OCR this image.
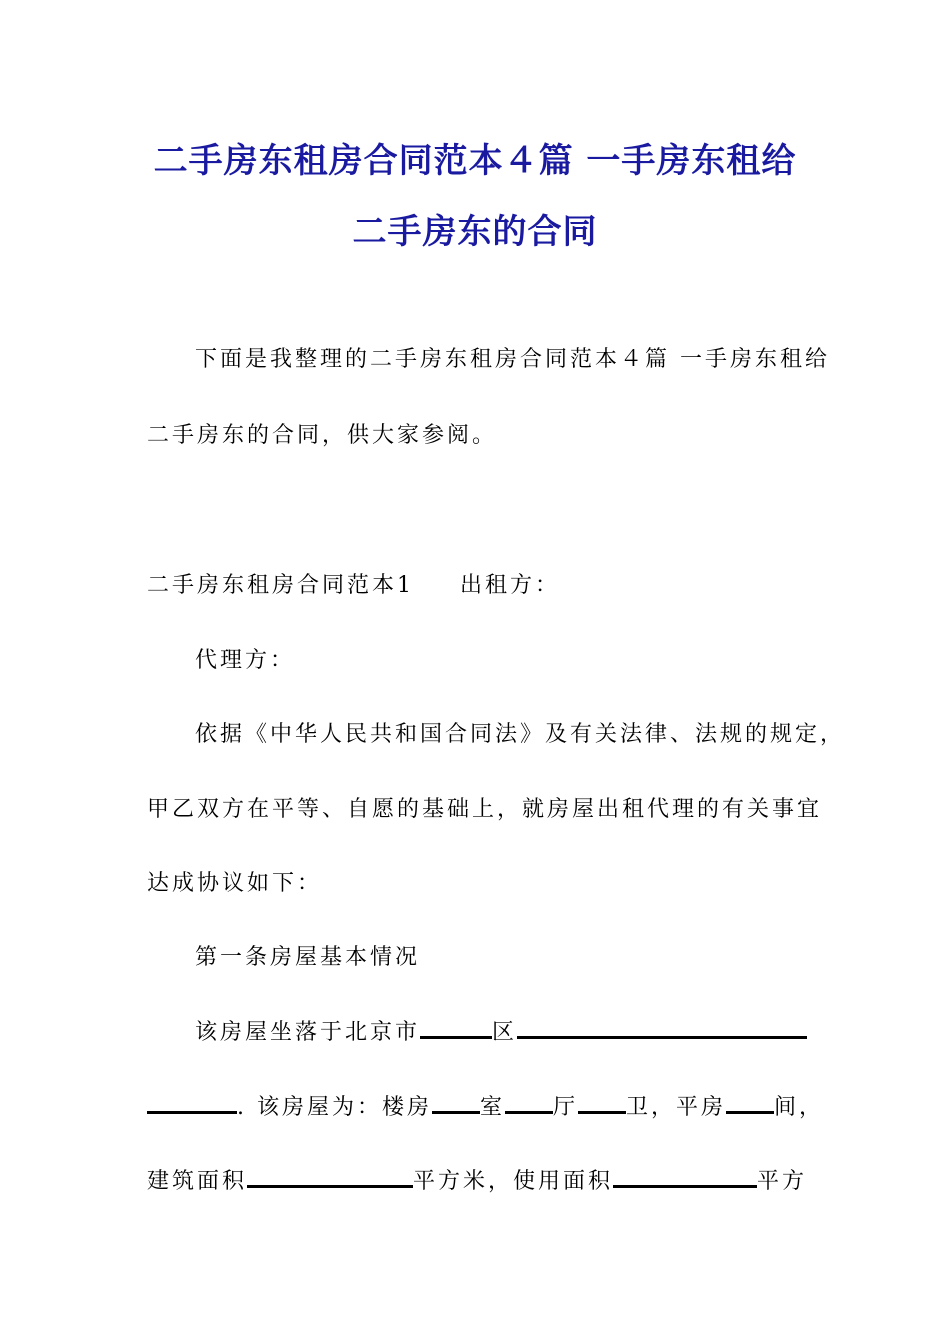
二手房东租房合同范本４篇 一手房东租给
二手房东的合同
下面是我整理的二手房东租房合同范本４篇 一手房东租给
二手房东的合同，供大家参阅。
二手房东租房合同范本1 出租方：
代理方：
依据《中华人民共和国合同法》及有关法律、法规的规定，
甲乙双方在平等、自愿的基础上，就房屋出租代理的有关事宜
达成协议如下：
第一条房屋基本情况
该房屋坐落于北京市	区
. 该房屋为：楼房 室 厅 卫，平房 间，
建筑面积	平方米，使用面积	平方
